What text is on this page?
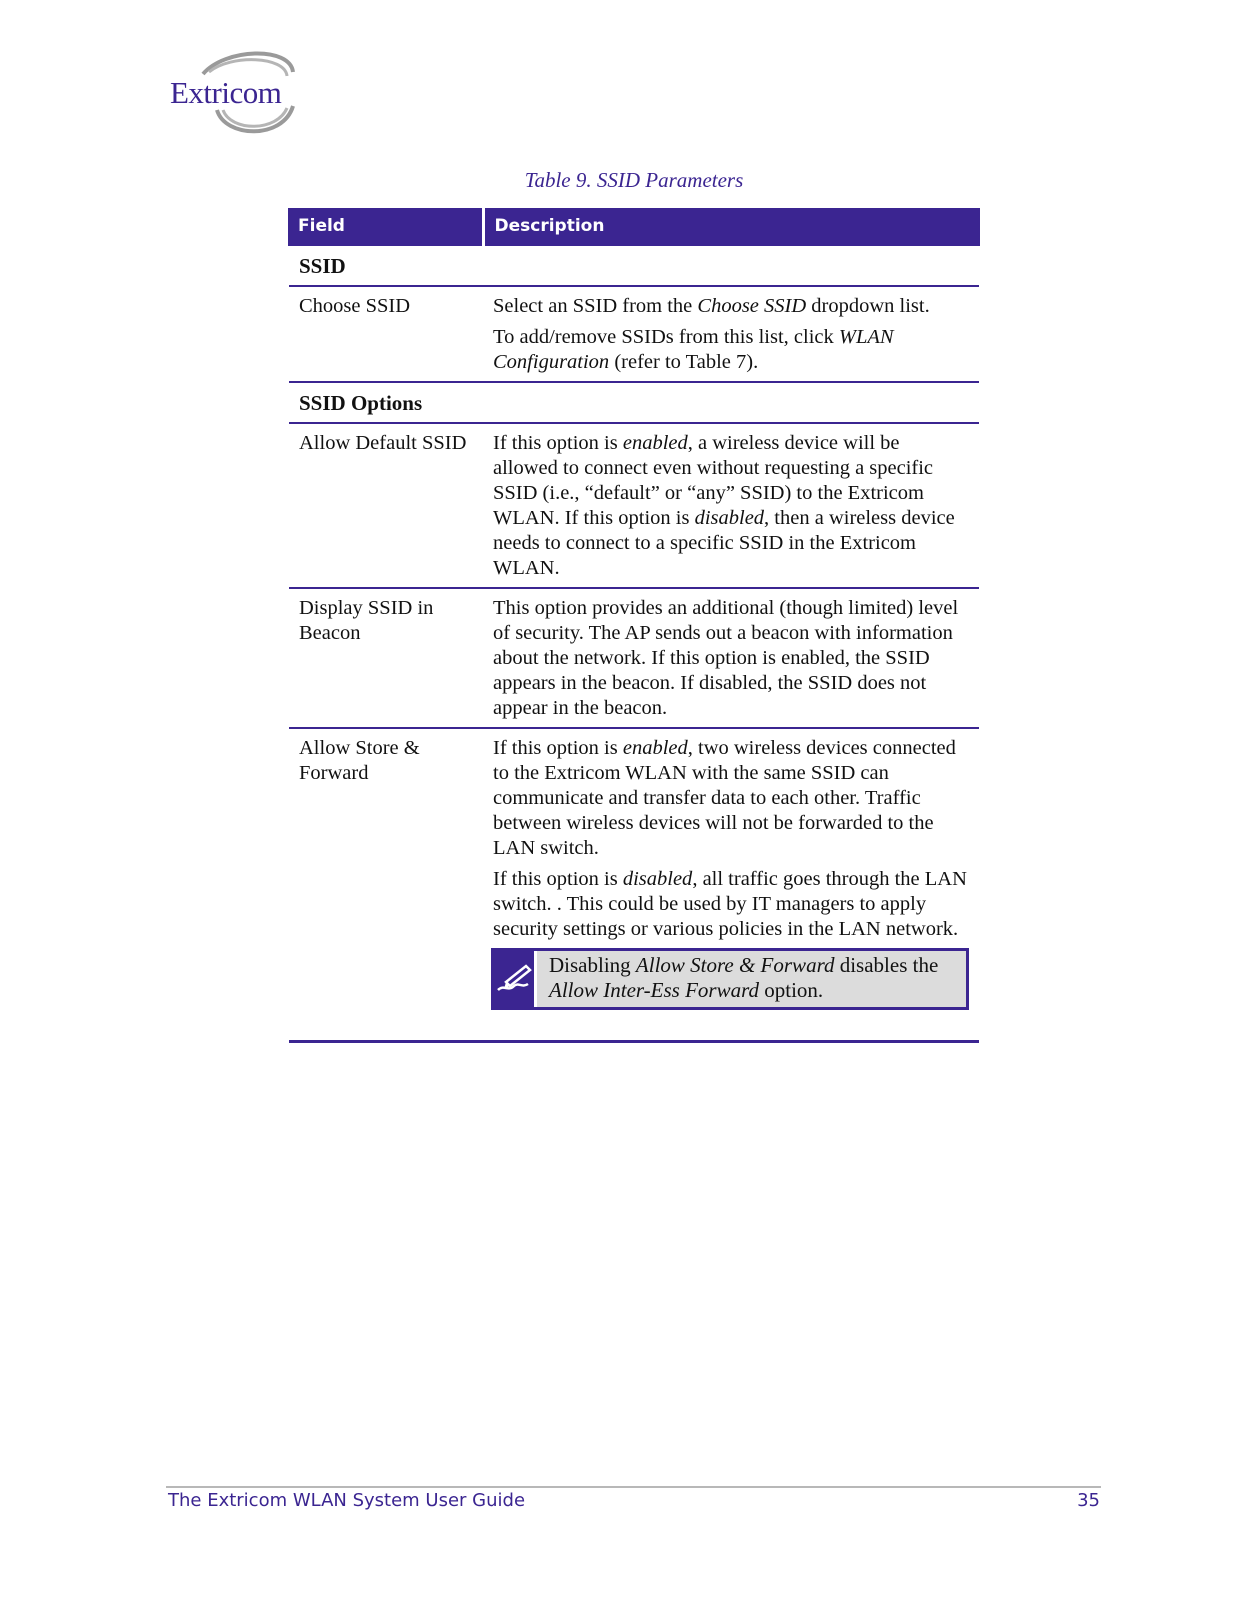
Extricom
Table 9. SSID Parameters
Field	Description

SSID	
Choose SSID	Select an SSID from the Choose SSID dropdown list.

To add/remove SSIDs from this list, click WLAN Configuration (refer to Table 7).

SSID Options	
Allow Default SSID	If this option is enabled, a wireless device will be allowed to connect even without requesting a specific SSID (i.e., “default” or “any” SSID) to the Extricom WLAN. If this option is disabled, then a wireless device needs to connect to a specific SSID in the Extricom WLAN.

Display SSID in Beacon	This option provides an additional (though limited) level of security. The AP sends out a beacon with information about the network. If this option is enabled, the SSID appears in the beacon. If disabled, the SSID does not appear in the beacon.

Allow Store & Forward	If this option is enabled, two wireless devices connected to the Extricom WLAN with the same SSID can communicate and transfer data to each other. Traffic between wireless devices will not be forwarded to the LAN switch.

If this option is disabled, all traffic goes through the LAN switch. . This could be used by IT managers to apply security settings or various policies in the LAN network.

Disabling Allow Store & Forward disables the Allow Inter-Ess Forward option.
The Extricom WLAN System User Guide	35
